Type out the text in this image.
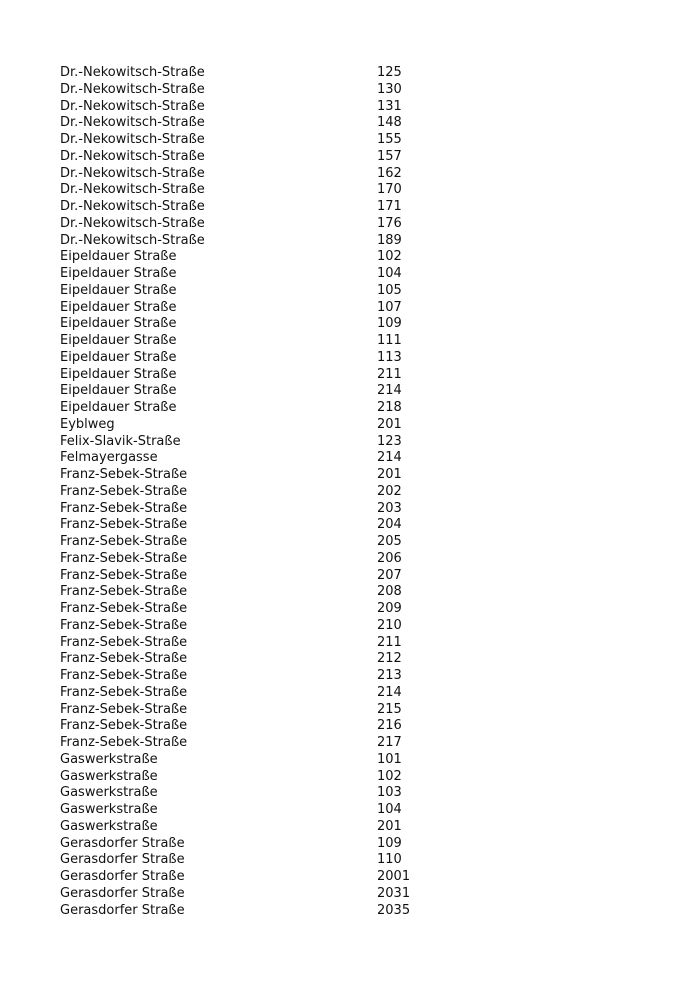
Dr.-Nekowitsch-Straße	125
Dr.-Nekowitsch-Straße	130
Dr.-Nekowitsch-Straße	131
Dr.-Nekowitsch-Straße	148
Dr.-Nekowitsch-Straße	155
Dr.-Nekowitsch-Straße	157
Dr.-Nekowitsch-Straße	162
Dr.-Nekowitsch-Straße	170
Dr.-Nekowitsch-Straße	171
Dr.-Nekowitsch-Straße	176
Dr.-Nekowitsch-Straße	189
Eipeldauer Straße	102
Eipeldauer Straße	104
Eipeldauer Straße	105
Eipeldauer Straße	107
Eipeldauer Straße	109
Eipeldauer Straße	111
Eipeldauer Straße	113
Eipeldauer Straße	211
Eipeldauer Straße	214
Eipeldauer Straße	218
Eyblweg	201
Felix-Slavik-Straße	123
Felmayergasse	214
Franz-Sebek-Straße	201
Franz-Sebek-Straße	202
Franz-Sebek-Straße	203
Franz-Sebek-Straße	204
Franz-Sebek-Straße	205
Franz-Sebek-Straße	206
Franz-Sebek-Straße	207
Franz-Sebek-Straße	208
Franz-Sebek-Straße	209
Franz-Sebek-Straße	210
Franz-Sebek-Straße	211
Franz-Sebek-Straße	212
Franz-Sebek-Straße	213
Franz-Sebek-Straße	214
Franz-Sebek-Straße	215
Franz-Sebek-Straße	216
Franz-Sebek-Straße	217
Gaswerkstraße	101
Gaswerkstraße	102
Gaswerkstraße	103
Gaswerkstraße	104
Gaswerkstraße	201
Gerasdorfer Straße	109
Gerasdorfer Straße	110
Gerasdorfer Straße	2001
Gerasdorfer Straße	2031
Gerasdorfer Straße	2035
